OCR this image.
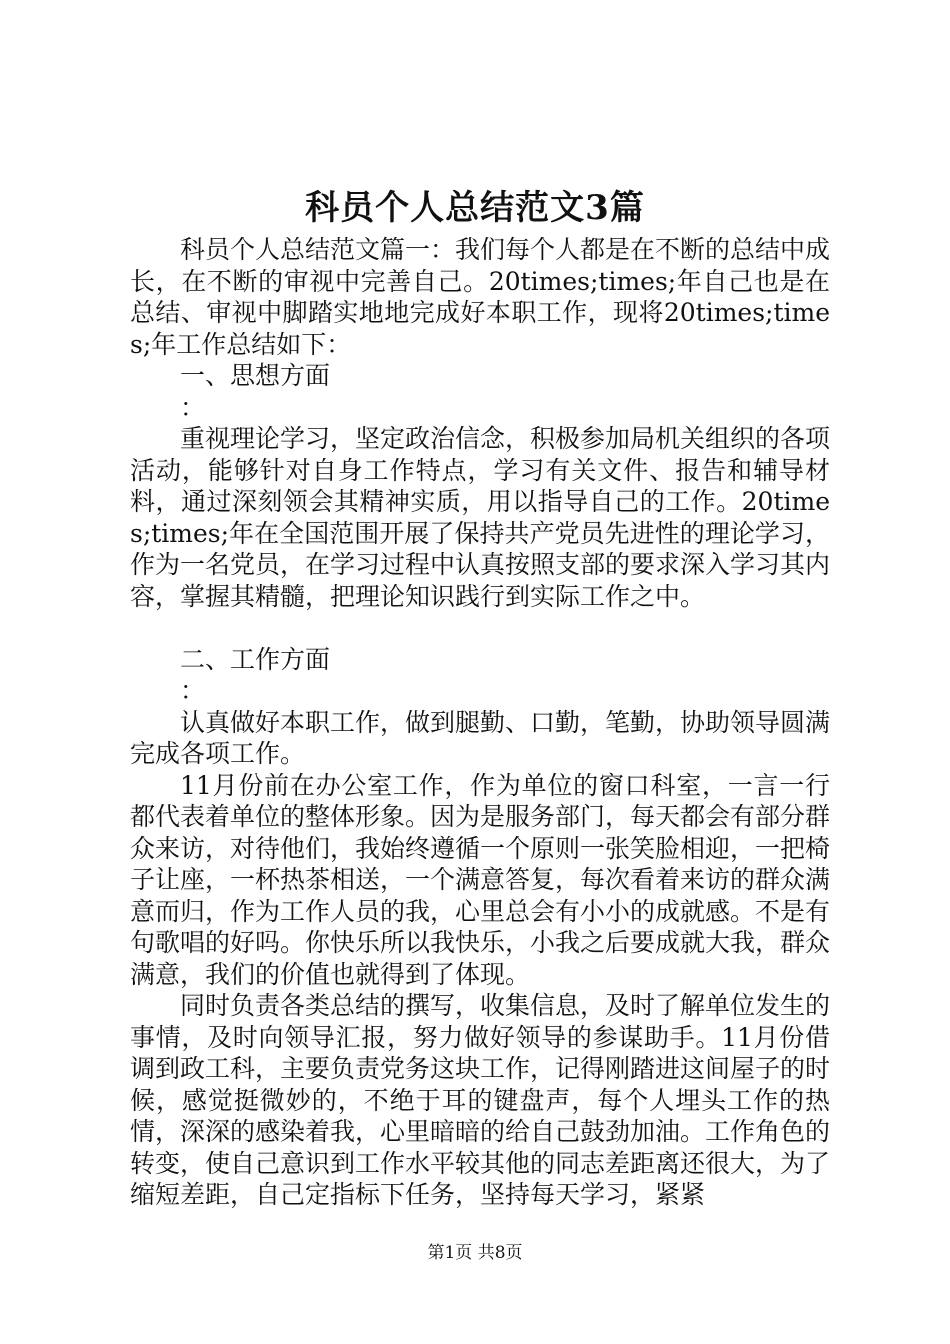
科员个人总结范文3篇

科员个人总结范文篇一：我们每个人都是在不断的总结中成长，在不断的审视中完善自己。20times;times;年自己也是在总结、审视中脚踏实地地完成好本职工作，现将20times;times;年工作总结如下：

一、思想方面

：

重视理论学习，坚定政治信念，积极参加局机关组织的各项活动，能够针对自身工作特点，学习有关文件、报告和辅导材料，通过深刻领会其精神实质，用以指导自己的工作。20times;times;年在全国范围开展了保持共产党员先进性的理论学习，作为一名党员，在学习过程中认真按照支部的要求深入学习其内容，掌握其精髓，把理论知识践行到实际工作之中。

二、工作方面

：

认真做好本职工作，做到腿勤、口勤，笔勤，协助领导圆满完成各项工作。

11月份前在办公室工作，作为单位的窗口科室，一言一行都代表着单位的整体形象。因为是服务部门，每天都会有部分群众来访，对待他们，我始终遵循一个原则一张笑脸相迎，一把椅子让座，一杯热茶相送，一个满意答复，每次看着来访的群众满意而归，作为工作人员的我，心里总会有小小的成就感。不是有句歌唱的好吗。你快乐所以我快乐，小我之后要成就大我，群众满意，我们的价值也就得到了体现。

同时负责各类总结的撰写，收集信息，及时了解单位发生的事情，及时向领导汇报，努力做好领导的参谋助手。11月份借调到政工科，主要负责党务这块工作，记得刚踏进这间屋子的时候，感觉挺微妙的，不绝于耳的键盘声，每个人埋头工作的热情，深深的感染着我，心里暗暗的给自己鼓劲加油。工作角色的转变，使自己意识到工作水平较其他的同志差距离还很大，为了缩短差距，自己定指标下任务，坚持每天学习，紧紧

第1页 共8页
